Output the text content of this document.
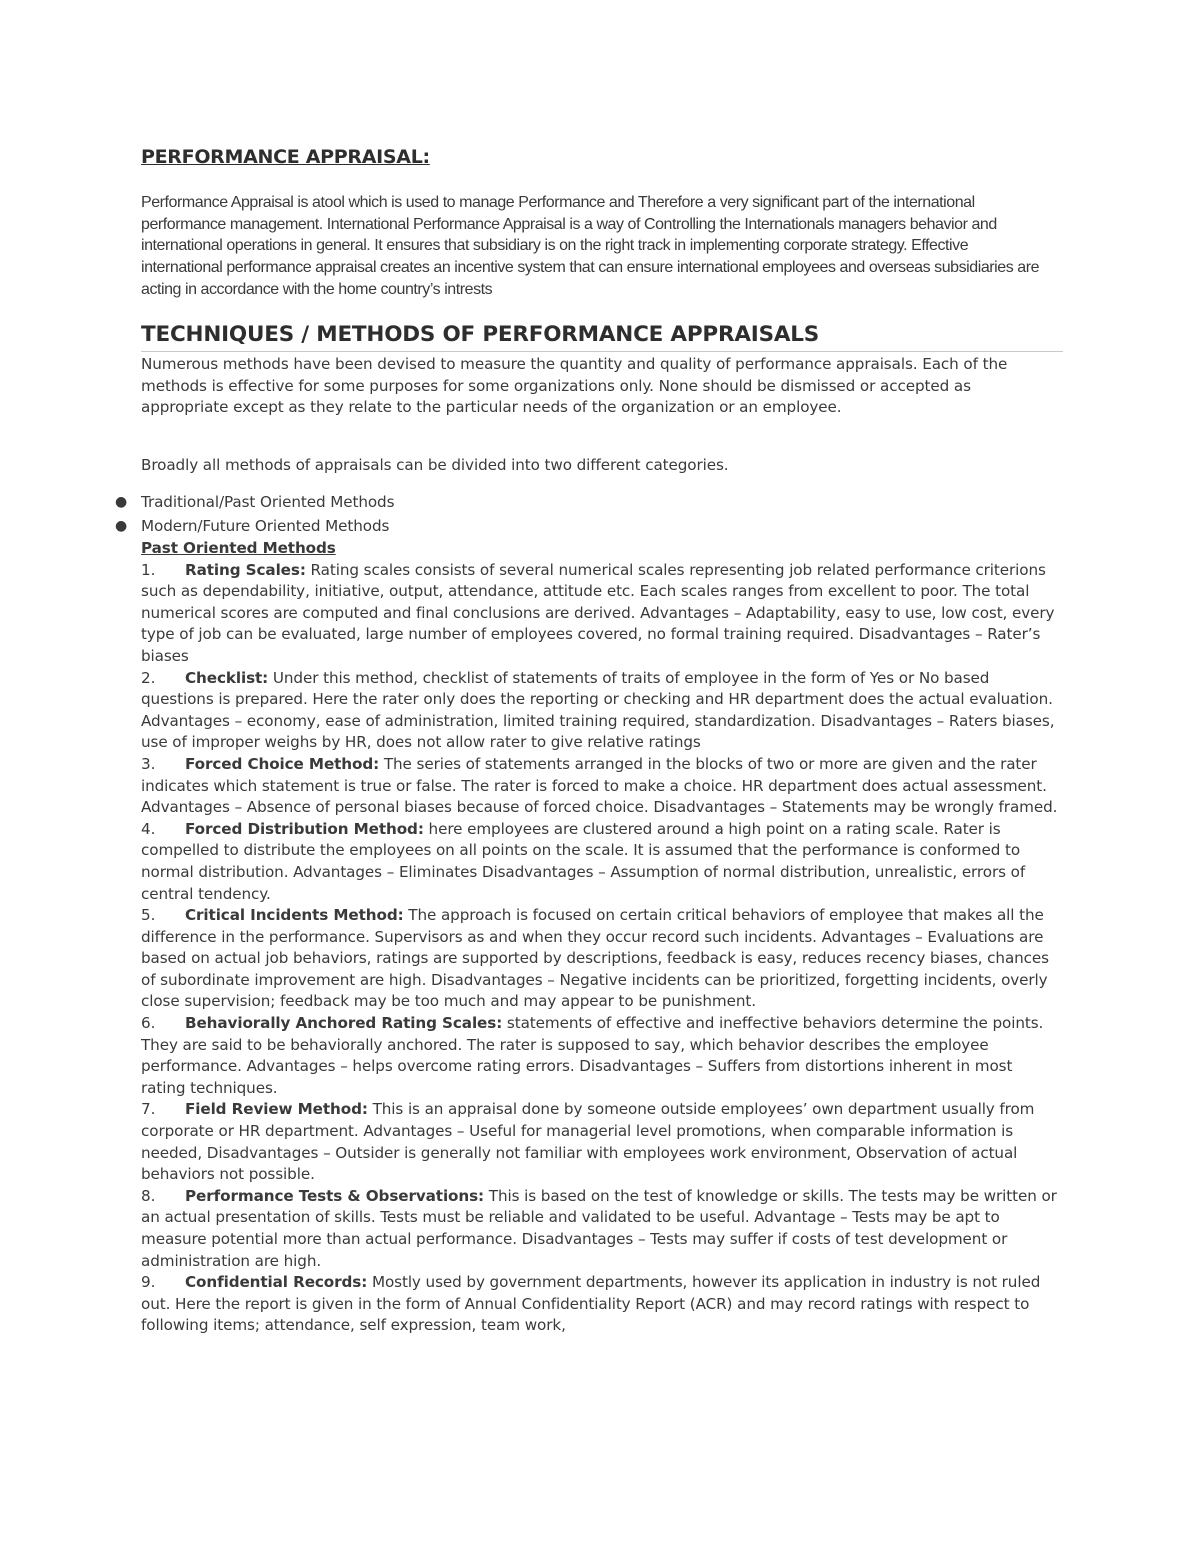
PERFORMANCE APPRAISAL:

Performance Appraisal is atool which is used to manage Performance and Therefore a very significant part of the international performance management. International Performance Appraisal is a way of Controlling the Internationals managers behavior and international operations in general. It ensures that subsidiary is on the right track in implementing corporate strategy. Effective international performance appraisal creates an incentive system that can ensure international employees and overseas subsidiaries are acting in accordance with the home country’s intrests

TECHNIQUES / METHODS OF PERFORMANCE APPRAISALS

Numerous methods have been devised to measure the quantity and quality of performance appraisals. Each of the methods is effective for some purposes for some organizations only. None should be dismissed or accepted as appropriate except as they relate to the particular needs of the organization or an employee.

Broadly all methods of appraisals can be divided into two different categories.

● Traditional/Past Oriented Methods
● Modern/Future Oriented Methods
Past Oriented Methods
1. Rating Scales: Rating scales consists of several numerical scales representing job related performance criterions such as dependability, initiative, output, attendance, attitude etc. Each scales ranges from excellent to poor. The total numerical scores are computed and final conclusions are derived. Advantages – Adaptability, easy to use, low cost, every type of job can be evaluated, large number of employees covered, no formal training required. Disadvantages – Rater’s biases
2. Checklist: Under this method, checklist of statements of traits of employee in the form of Yes or No based questions is prepared. Here the rater only does the reporting or checking and HR department does the actual evaluation. Advantages – economy, ease of administration, limited training required, standardization. Disadvantages – Raters biases, use of improper weighs by HR, does not allow rater to give relative ratings
3. Forced Choice Method: The series of statements arranged in the blocks of two or more are given and the rater indicates which statement is true or false. The rater is forced to make a choice. HR department does actual assessment. Advantages – Absence of personal biases because of forced choice. Disadvantages – Statements may be wrongly framed.
4. Forced Distribution Method: here employees are clustered around a high point on a rating scale. Rater is compelled to distribute the employees on all points on the scale. It is assumed that the performance is conformed to normal distribution. Advantages – Eliminates Disadvantages – Assumption of normal distribution, unrealistic, errors of central tendency.
5. Critical Incidents Method: The approach is focused on certain critical behaviors of employee that makes all the difference in the performance. Supervisors as and when they occur record such incidents. Advantages – Evaluations are based on actual job behaviors, ratings are supported by descriptions, feedback is easy, reduces recency biases, chances of subordinate improvement are high. Disadvantages – Negative incidents can be prioritized, forgetting incidents, overly close supervision; feedback may be too much and may appear to be punishment.
6. Behaviorally Anchored Rating Scales: statements of effective and ineffective behaviors determine the points. They are said to be behaviorally anchored. The rater is supposed to say, which behavior describes the employee performance. Advantages – helps overcome rating errors. Disadvantages – Suffers from distortions inherent in most rating techniques.
7. Field Review Method: This is an appraisal done by someone outside employees’ own department usually from corporate or HR department. Advantages – Useful for managerial level promotions, when comparable information is needed, Disadvantages – Outsider is generally not familiar with employees work environment, Observation of actual behaviors not possible.
8. Performance Tests & Observations: This is based on the test of knowledge or skills. The tests may be written or an actual presentation of skills. Tests must be reliable and validated to be useful. Advantage – Tests may be apt to measure potential more than actual performance. Disadvantages – Tests may suffer if costs of test development or administration are high.
9. Confidential Records: Mostly used by government departments, however its application in industry is not ruled out. Here the report is given in the form of Annual Confidentiality Report (ACR) and may record ratings with respect to following items; attendance, self expression, team work,
